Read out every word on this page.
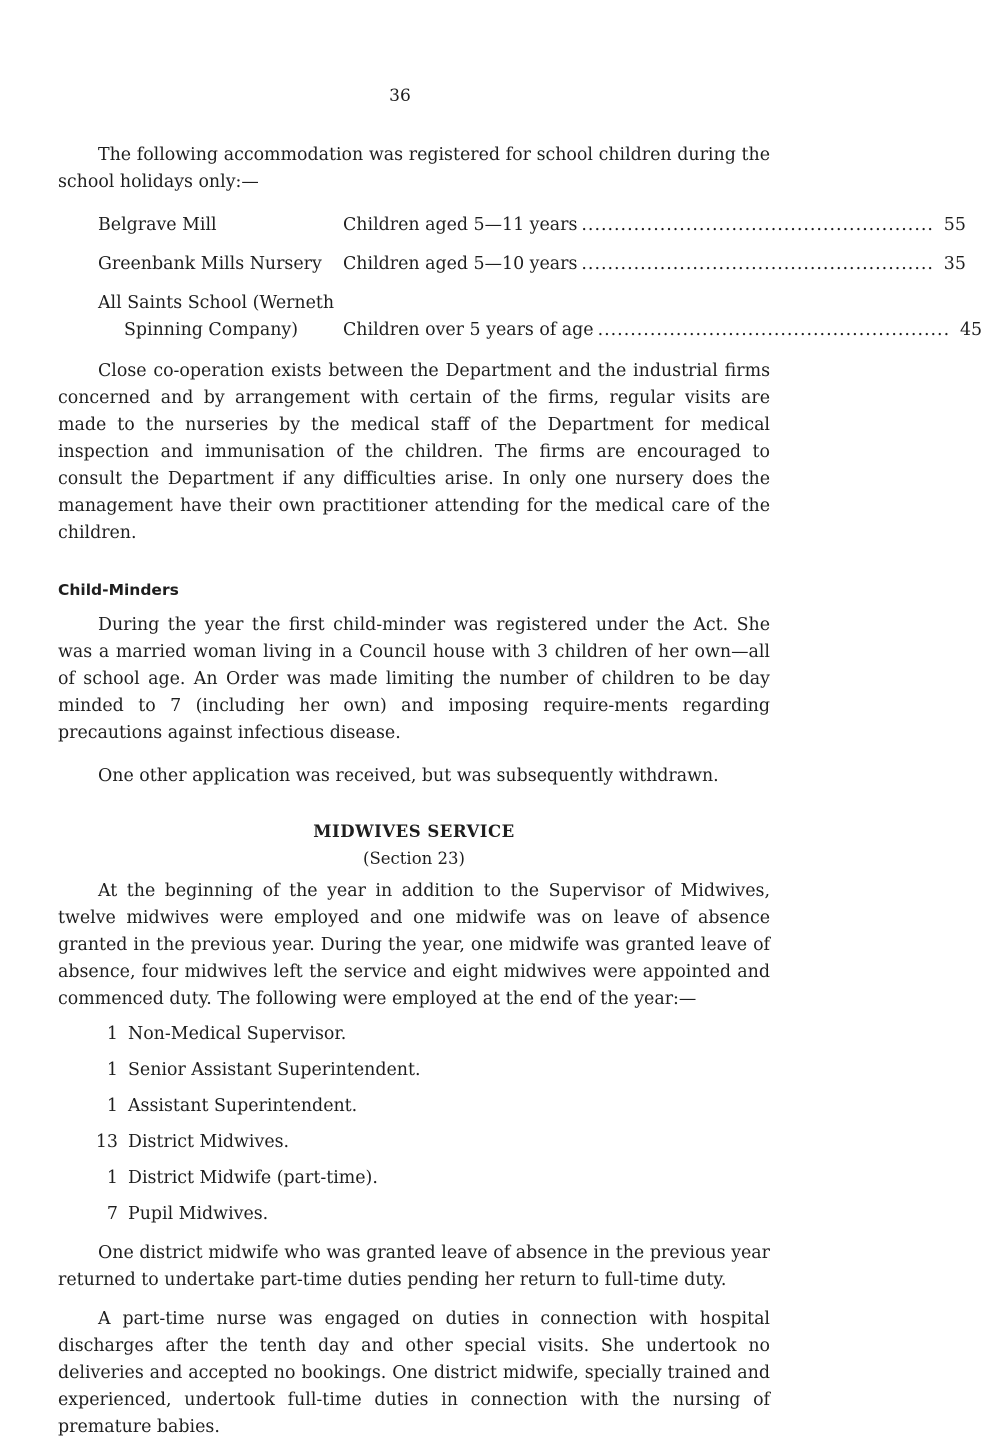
36

The following accommodation was registered for school children during the school holidays only:—

Belgrave Mill	Children aged 5—11 years .....	55
Greenbank Mills Nursery	Children aged 5—10 years .....	35
All Saints School (Werneth
Spinning Company)	Children over 5 years of age .....	45

Close co-operation exists between the Department and the industrial firms concerned and by arrangement with certain of the firms, regular visits are made to the nurseries by the medical staff of the Department for medical inspection and immunisation of the children. The firms are encouraged to consult the Department if any difficulties arise. In only one nursery does the management have their own practitioner attending for the medical care of the children.

Child-Minders

During the year the first child-minder was registered under the Act. She was a married woman living in a Council house with 3 children of her own—all of school age. An Order was made limiting the number of children to be day minded to 7 (including her own) and imposing require-ments regarding precautions against infectious disease.

One other application was received, but was subsequently withdrawn.

MIDWIVES SERVICE
(Section 23)

At the beginning of the year in addition to the Supervisor of Midwives, twelve midwives were employed and one midwife was on leave of absence granted in the previous year. During the year, one midwife was granted leave of absence, four midwives left the service and eight midwives were appointed and commenced duty. The following were employed at the end of the year:—

1 Non-Medical Supervisor.
1 Senior Assistant Superintendent.
1 Assistant Superintendent.
13 District Midwives.
1 District Midwife (part-time).
7 Pupil Midwives.

One district midwife who was granted leave of absence in the previous year returned to undertake part-time duties pending her return to full-time duty.

A part-time nurse was engaged on duties in connection with hospital discharges after the tenth day and other special visits. She undertook no deliveries and accepted no bookings. One district midwife, specially trained and experienced, undertook full-time duties in connection with the nursing of premature babies.
